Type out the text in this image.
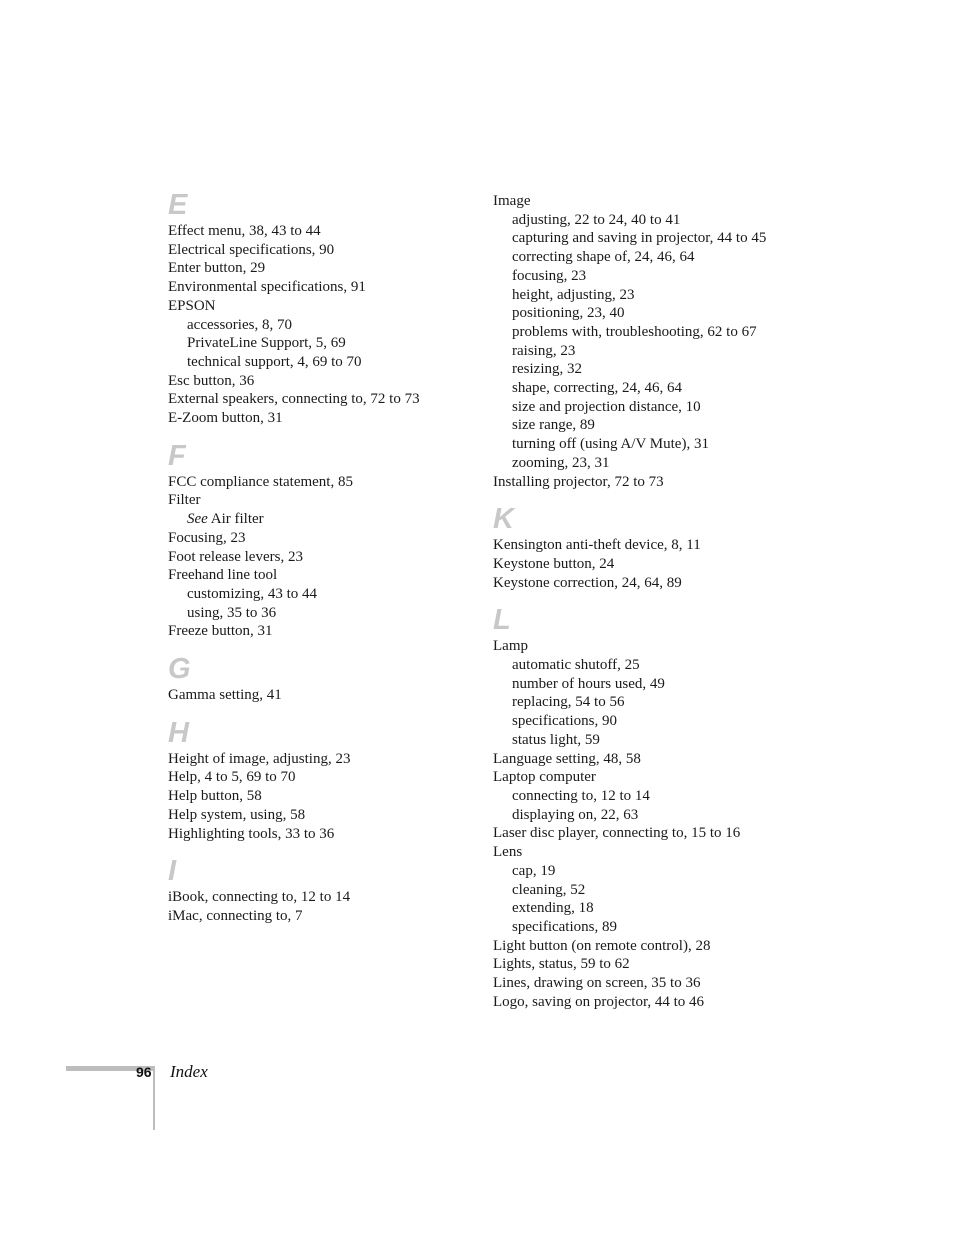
E
Effect menu, 38, 43 to 44
Electrical specifications, 90
Enter button, 29
Environmental specifications, 91
EPSON
accessories, 8, 70
PrivateLine Support, 5, 69
technical support, 4, 69 to 70
Esc button, 36
External speakers, connecting to, 72 to 73
E-Zoom button, 31
F
FCC compliance statement, 85
Filter
See Air filter
Focusing, 23
Foot release levers, 23
Freehand line tool
customizing, 43 to 44
using, 35 to 36
Freeze button, 31
G
Gamma setting, 41
H
Height of image, adjusting, 23
Help, 4 to 5, 69 to 70
Help button, 58
Help system, using, 58
Highlighting tools, 33 to 36
I
iBook, connecting to, 12 to 14
iMac, connecting to, 7
Image
adjusting, 22 to 24, 40 to 41
capturing and saving in projector, 44 to 45
correcting shape of, 24, 46, 64
focusing, 23
height, adjusting, 23
positioning, 23, 40
problems with, troubleshooting, 62 to 67
raising, 23
resizing, 32
shape, correcting, 24, 46, 64
size and projection distance, 10
size range, 89
turning off (using A/V Mute), 31
zooming, 23, 31
Installing projector, 72 to 73
K
Kensington anti-theft device, 8, 11
Keystone button, 24
Keystone correction, 24, 64, 89
L
Lamp
automatic shutoff, 25
number of hours used, 49
replacing, 54 to 56
specifications, 90
status light, 59
Language setting, 48, 58
Laptop computer
connecting to, 12 to 14
displaying on, 22, 63
Laser disc player, connecting to, 15 to 16
Lens
cap, 19
cleaning, 52
extending, 18
specifications, 89
Light button (on remote control), 28
Lights, status, 59 to 62
Lines, drawing on screen, 35 to 36
Logo, saving on projector, 44 to 46
96 Index
